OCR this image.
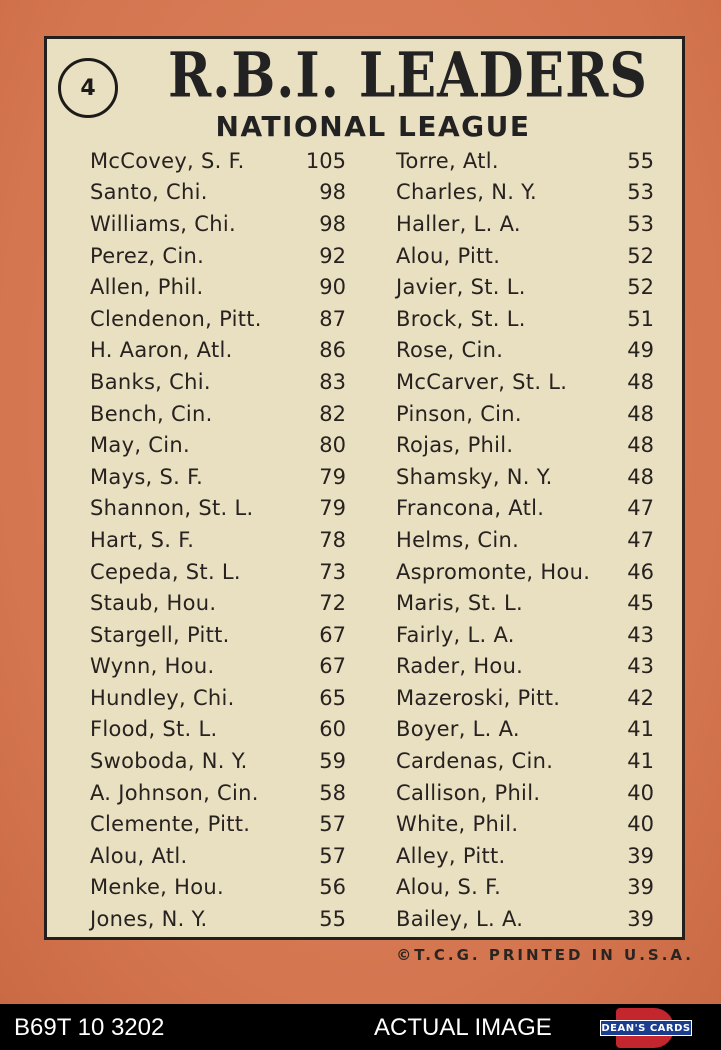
4 R.B.I. LEADERS
NATIONAL LEAGUE
McCovey, S. F.	105
Santo, Chi.	98
Williams, Chi.	98
Perez, Cin.	92
Allen, Phil.	90
Clendenon, Pitt.	87
H. Aaron, Atl.	86
Banks, Chi.	83
Bench, Cin.	82
May, Cin.	80
Mays, S. F.	79
Shannon, St. L.	79
Hart, S. F.	78
Cepeda, St. L.	73
Staub, Hou.	72
Stargell, Pitt.	67
Wynn, Hou.	67
Hundley, Chi.	65
Flood, St. L.	60
Swoboda, N. Y.	59
A. Johnson, Cin.	58
Clemente, Pitt.	57
Alou, Atl.	57
Menke, Hou.	56
Jones, N. Y.	55
Torre, Atl.	55
Charles, N. Y.	53
Haller, L. A.	53
Alou, Pitt.	52
Javier, St. L.	52
Brock, St. L.	51
Rose, Cin.	49
McCarver, St. L.	48
Pinson, Cin.	48
Rojas, Phil.	48
Shamsky, N. Y.	48
Francona, Atl.	47
Helms, Cin.	47
Aspromonte, Hou. 46
Maris, St. L.	45
Fairly, L. A.	43
Rader, Hou.	43
Mazeroski, Pitt.	42
Boyer, L. A.	41
Cardenas, Cin.	41
Callison, Phil.	40
White, Phil.	40
Alley, Pitt.	39
Alou, S. F.	39
Bailey, L. A.	39
©T.C.G. PRINTED IN U.S.A.
B69T 10 3202	ACTUAL IMAGE	DEAN'S CARDS
